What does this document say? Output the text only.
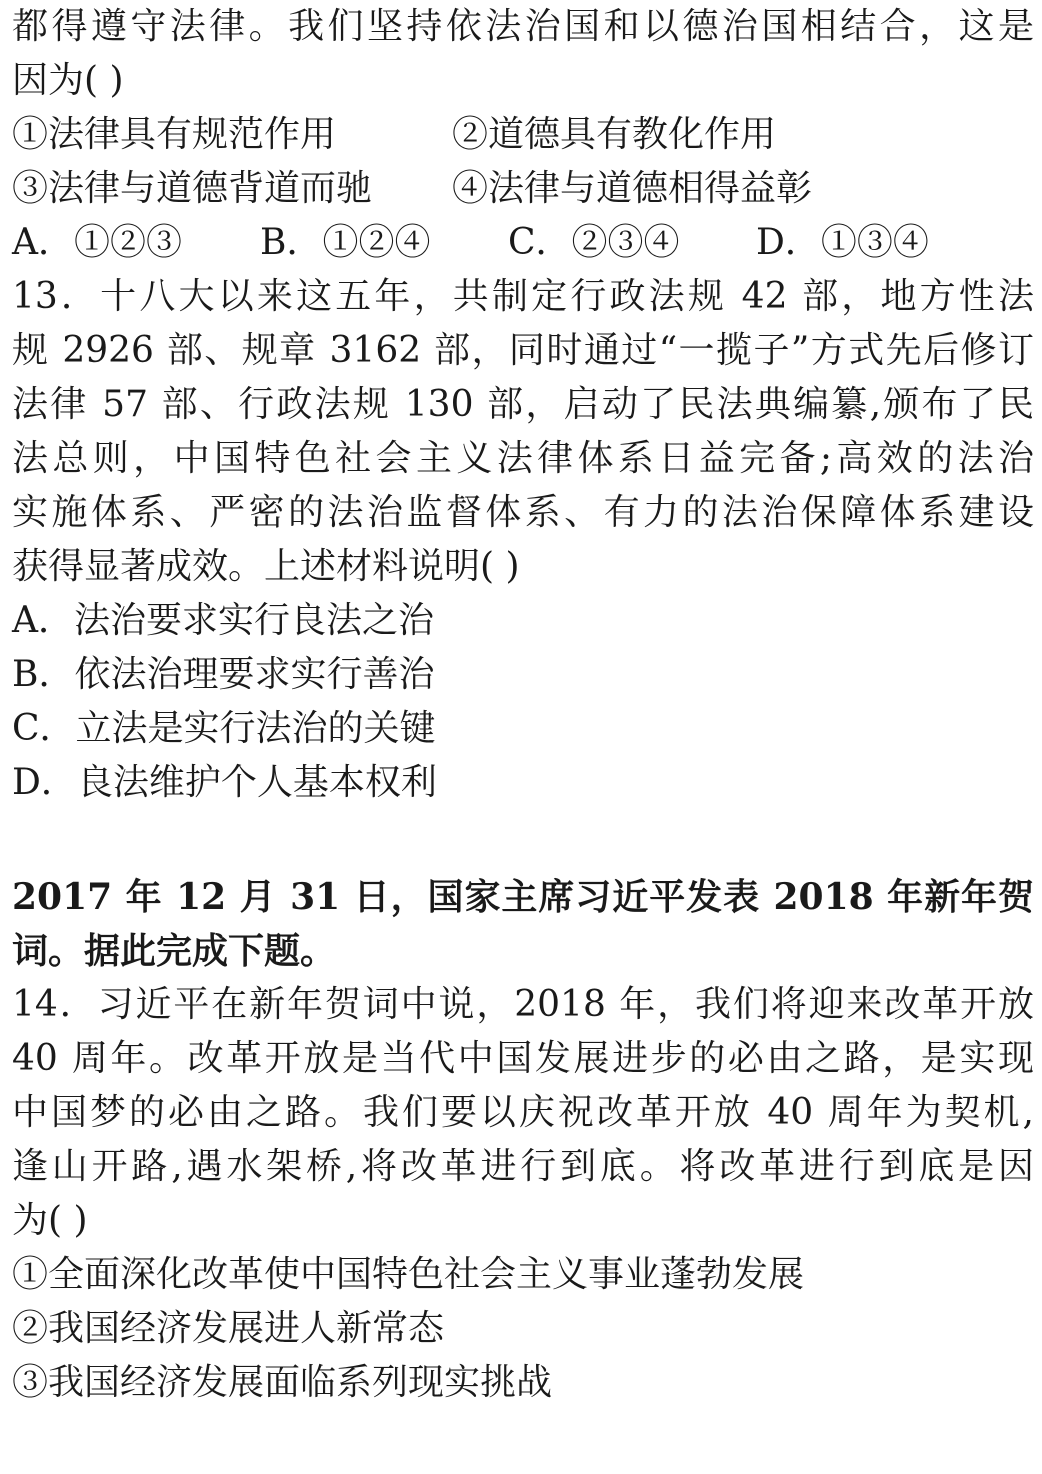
都得遵守法律。我们坚持依法治国和以德治国相结合，这是
因为( )
①法律具有规范作用	②道德具有教化作用
③法律与道德背道而驰	④法律与道德相得益彰
A．①②③	B．①②④	C．②③④	D．①③④
13．十八大以来这五年，共制定行政法规 42 部，地方性法
规 2926 部、规章 3162 部，同时通过“一揽子”方式先后修订
法律 57 部、行政法规 130 部，启动了民法典编纂,颁布了民
法总则，中国特色社会主义法律体系日益完备;高效的法治
实施体系、严密的法治监督体系、有力的法治保障体系建设
获得显著成效。上述材料说明( )
A．法治要求实行良法之治
B．依法治理要求实行善治
C．立法是实行法治的关键
D．良法维护个人基本权利
2017 年 12 月 31 日，国家主席习近平发表 2018 年新年贺
词。据此完成下题。
14．习近平在新年贺词中说，2018 年，我们将迎来改革开放
40 周年。改革开放是当代中国发展进步的必由之路，是实现
中国梦的必由之路。我们要以庆祝改革开放 40 周年为契机,
逢山开路,遇水架桥,将改革进行到底。将改革进行到底是因
为( )
①全面深化改革使中国特色社会主义事业蓬勃发展
②我国经济发展进人新常态
③我国经济发展面临系列现实挑战
